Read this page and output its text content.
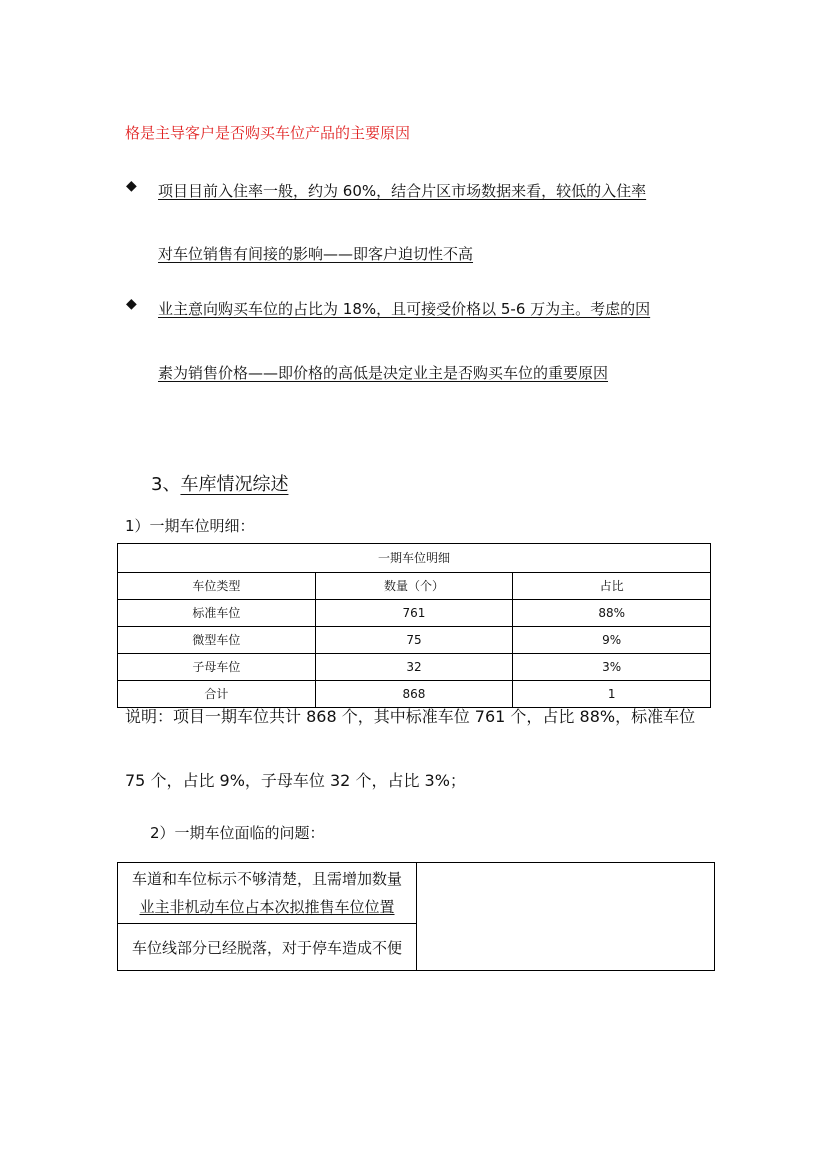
格是主导客户是否购买车位产品的主要原因
◆ 项目目前入住率一般，约为 60%，结合片区市场数据来看，较低的入住率
对车位销售有间接的影响——即客户迫切性不高
◆ 业主意向购买车位的占比为 18%，且可接受价格以 5-6 万为主。考虑的因
素为销售价格——即价格的高低是决定业主是否购买车位的重要原因
3、车库情况综述
1）一期车位明细：
一期车位明细		
车位类型	数量（个）	占比
标准车位	761	88%
微型车位	75	9%
子母车位	32	3%
合计	868	1
说明：项目一期车位共计 868 个，其中标准车位 761 个，占比 88%，标准车位
75 个，占比 9%，子母车位 32 个，占比 3%；
2）一期车位面临的问题：
车道和车位标示不够清楚，且需增加数量
业主非机动车位占本次拟推售车位位置

车位线部分已经脱落，对于停车造成不便
